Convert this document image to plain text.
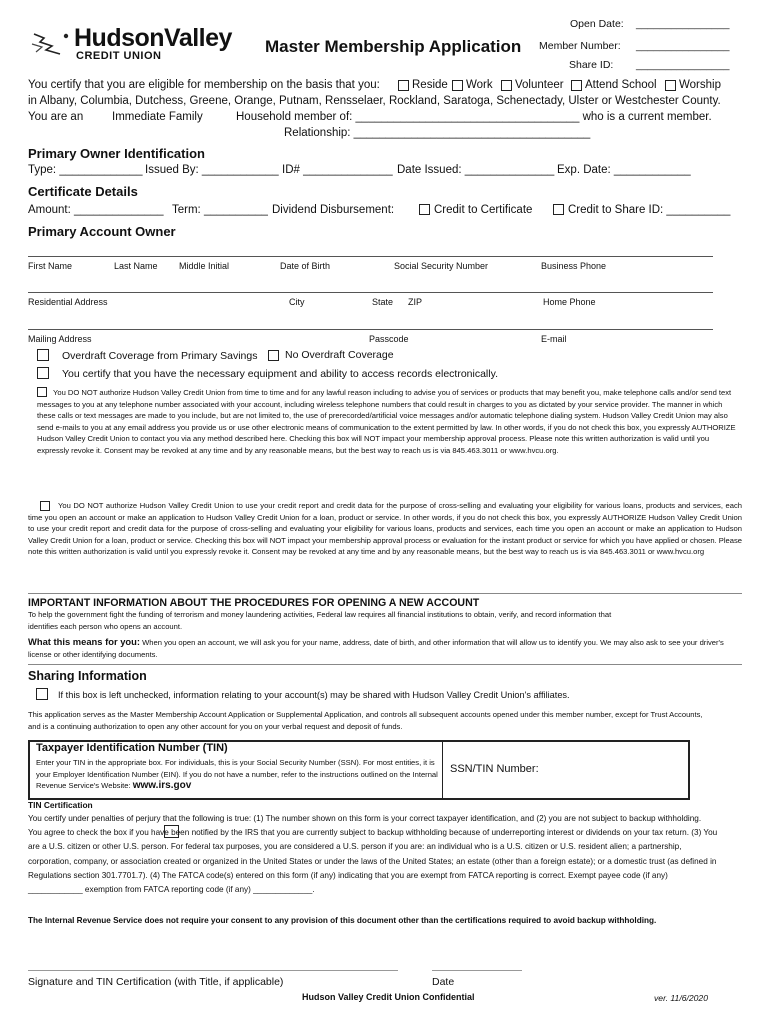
HudsonValley
CREDIT UNION	Master Membership Application
Open Date: ________________
Member Number: ________________
Share ID: ________________
You certify that you are eligible for membership on the basis that you:	Reside Work Volunteer Attend School Worship
in Albany, Columbia, Dutchess, Greene, Orange, Putnam, Rensselaer, Rockland, Saratoga, Schenectady, Ulster or Westchester County.
You are an	Immediate Family	Household member of: ___________________________________ who is a current member.
Relationship: _____________________________________
Primary Owner Identification
Type: _____________ Issued By: ____________ ID# ______________ Date Issued: ______________ Exp. Date: ____________
Certificate Details
Amount: ______________ Term: __________ Dividend Disbursement:	Credit to Certificate	Credit to Share ID: __________
Primary Account Owner
First Name	Last Name Middle Initial	Date of Birth	Social Security Number	Business Phone
Residential Address	City	State ZIP	Home Phone
Mailing Address	Passcode	E-mail
Overdraft Coverage from Primary Savings	No Overdraft Coverage
You certify that you have the necessary equipment and ability to access records electronically.
You DO NOT authorize Hudson Valley Credit Union from time to time and for any lawful reason including to advise you of services or products that may benefit you, make telephone calls and/or send text messages to you at any telephone number associated with your account, including wireless telephone numbers that could result in charges to you as dictated by your service provider. The manner in which these calls or text messages are made to you include, but are not limited to, the use of prerecorded/artificial voice messages and/or automatic telephone dialing system. Hudson Valley Credit Union may also send e-mails to you at any email address you provide us or use other electronic means of communication to the extent permitted by law. In other words, if you do not check this box, you expressly AUTHORIZE Hudson Valley Credit Union to contact you via any method described here. Checking this box will NOT impact your membership approval process. Please note this written authorization is valid until you expressly revoke it. Consent may be revoked at any time and by any reasonable means, but the best way to reach us is via 845.463.3011 or www.hvcu.org.
You DO NOT authorize Hudson Valley Credit Union to use your credit report and credit data for the purpose of cross-selling and evaluating your eligibility for various loans, products and services, each time you open an account or make an application to Hudson Valley Credit Union for a loan, product or service. In other words, if you do not check this box, you expressly AUTHORIZE Hudson Valley Credit Union to use your credit report and credit data for the purpose of cross-selling and evaluating your eligibility for various loans, products and services, each time you open an account or make an application to Hudson Valley Credit Union for a loan, product or service. Checking this box will NOT impact your membership approval process or evaluation for the instant product or service for which you have applied or chosen. Please note this written authorization is valid until you expressly revoke it. Consent may be revoked at any time and by any reasonable means, but the best way to reach us is via 845.463.3011 or www.hvcu.org
IMPORTANT INFORMATION ABOUT THE PROCEDURES FOR OPENING A NEW ACCOUNT
To help the government fight the funding of terrorism and money laundering activities, Federal law requires all financial institutions to obtain, verify, and record information that identifies each person who opens an account.
What this means for you: When you open an account, we will ask you for your name, address, date of birth, and other information that will allow us to identify you. We may also ask to see your driver's license or other identifying documents.
Sharing Information
If this box is left unchecked, information relating to your account(s) may be shared with Hudson Valley Credit Union's affiliates.
This application serves as the Master Membership Account Application or Supplemental Application, and controls all subsequent accounts opened under this member number, except for Trust Accounts, and is a continuing authorization to open any other account for you on your verbal request and deposit of funds.
Taxpayer Identification Number (TIN)
Enter your TIN in the appropriate box. For individuals, this is your Social Security Number (SSN). For most entities, it is your Employer Identification Number (EIN). If you do not have a number, refer to the instructions outlined on the Internal Revenue Service's Website: www.irs.gov
SSN/TIN Number:
TIN Certification
You certify under penalties of perjury that the following is true: (1) The number shown on this form is your correct taxpayer identification, and (2) you are not subject to backup withholding.  You agree to check the box if you have been notified by the IRS that you are currently subject to backup withholding because of underreporting interest or dividends on your tax return. (3) You are a U.S. citizen or other U.S. person. For federal tax purposes, you are considered a U.S. person if you are: an individual who is a U.S. citizen or U.S. resident alien; a partnership, corporation, company, or association created or organized in the United States or under the laws of the United States; an estate (other than a foreign estate); or a domestic trust (as defined in Regulations section 301.7701.7). (4) The FATCA code(s) entered on this form (if any) indicating that you are exempt from FATCA reporting is correct. Exempt payee code (if any) ____________ exemption from FATCA reporting code (if any) _____________.
The Internal Revenue Service does not require your consent to any provision of this document other than the certifications required to avoid backup withholding.
Signature and TIN Certification (with Title, if applicable)	Date
Hudson Valley Credit Union Confidential	ver. 11/6/2020
